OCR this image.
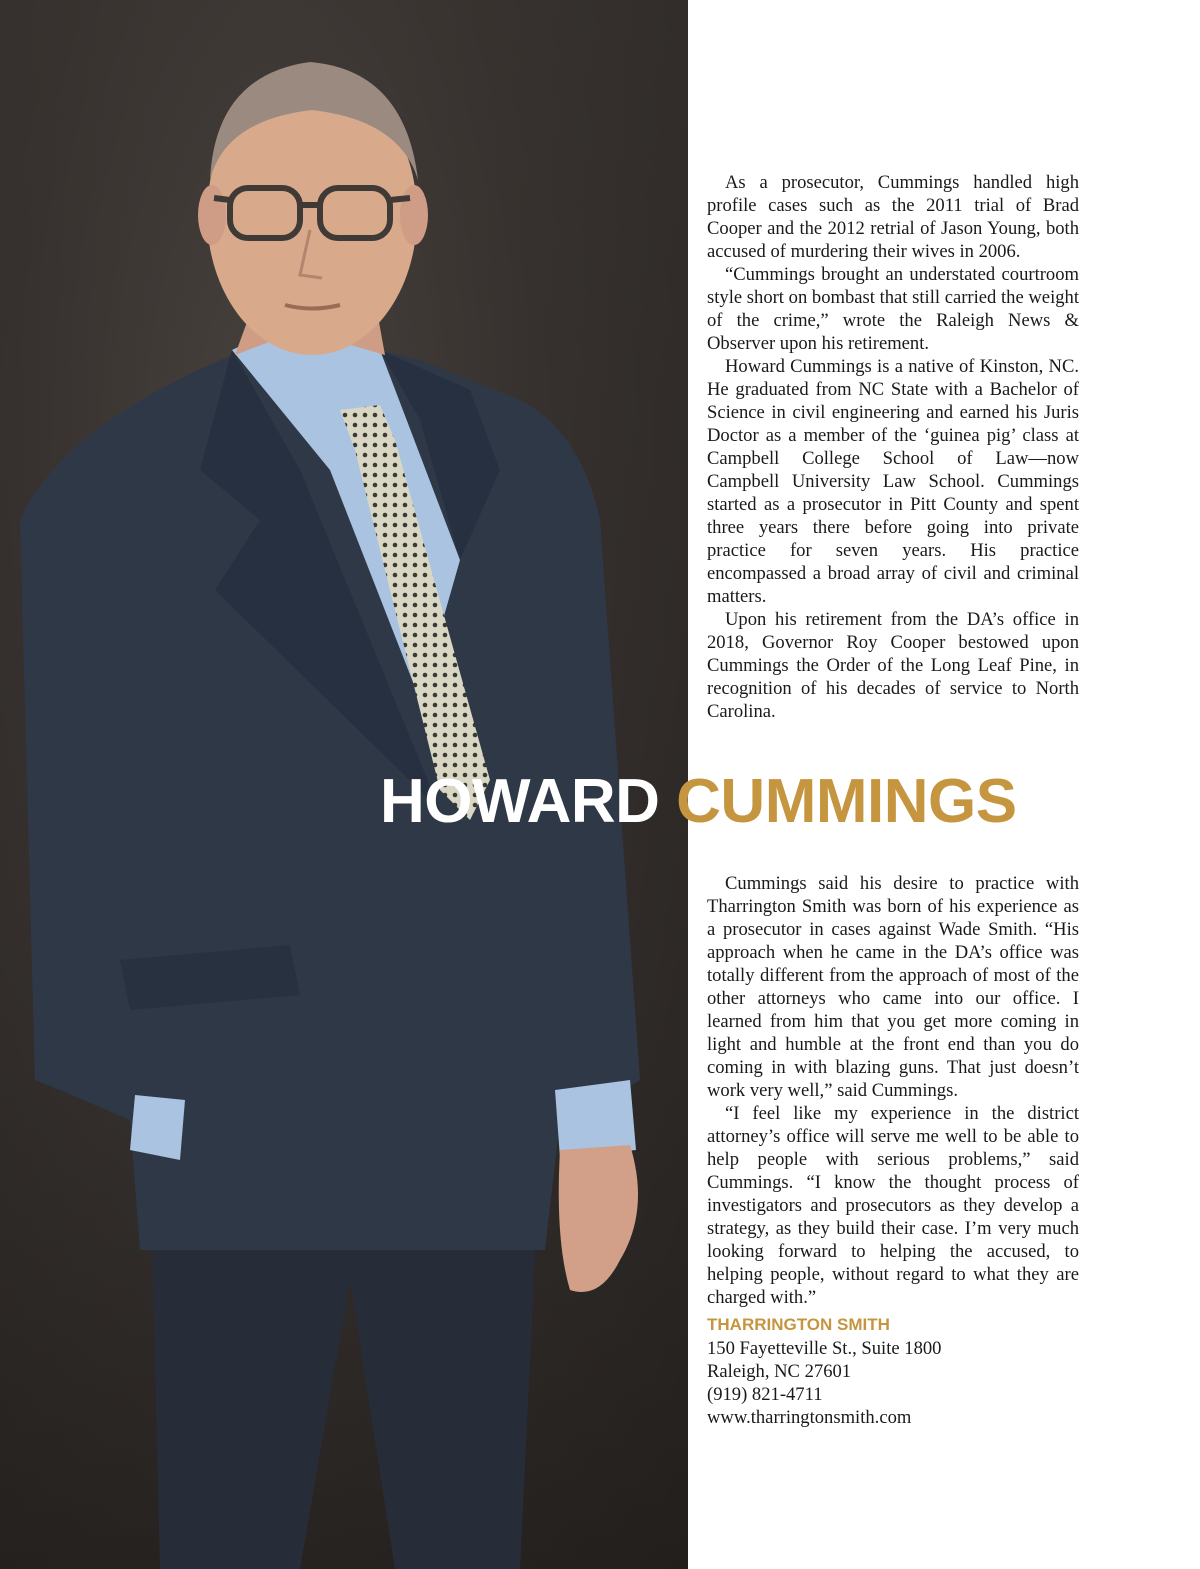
As a prosecutor, Cummings handled high profile cases such as the 2011 trial of Brad Cooper and the 2012 retrial of Jason Young, both accused of murdering their wives in 2006.

“Cummings brought an understated courtroom style short on bombast that still carried the weight of the crime,” wrote the Raleigh News & Observer upon his retirement.

Howard Cummings is a native of Kinston, NC. He graduated from NC State with a Bachelor of Science in civil engineering and earned his Juris Doctor as a member of the ‘guinea pig’ class at Campbell College School of Law—now Campbell University Law School. Cummings started as a prosecutor in Pitt County and spent three years there before going into private practice for seven years. His practice encompassed a broad array of civil and criminal matters.

Upon his retirement from the DA’s office in 2018, Governor Roy Cooper bestowed upon Cummings the Order of the Long Leaf Pine, in recognition of his decades of service to North Carolina.

HOWARD CUMMINGS

Cummings said his desire to practice with Tharrington Smith was born of his experience as a prosecutor in cases against Wade Smith. “His approach when he came in the DA’s office was totally different from the approach of most of the other attorneys who came into our office. I learned from him that you get more coming in light and humble at the front end than you do coming in with blazing guns. That just doesn’t work very well,” said Cummings.

“I feel like my experience in the district attorney’s office will serve me well to be able to help people with serious problems,” said Cummings. “I know the thought process of investigators and prosecutors as they develop a strategy, as they build their case. I’m very much looking forward to helping the accused, to helping people, without regard to what they are charged with.”

THARRINGTON SMITH
150 Fayetteville St., Suite 1800
Raleigh, NC 27601
(919) 821-4711
www.tharringtonsmith.com
